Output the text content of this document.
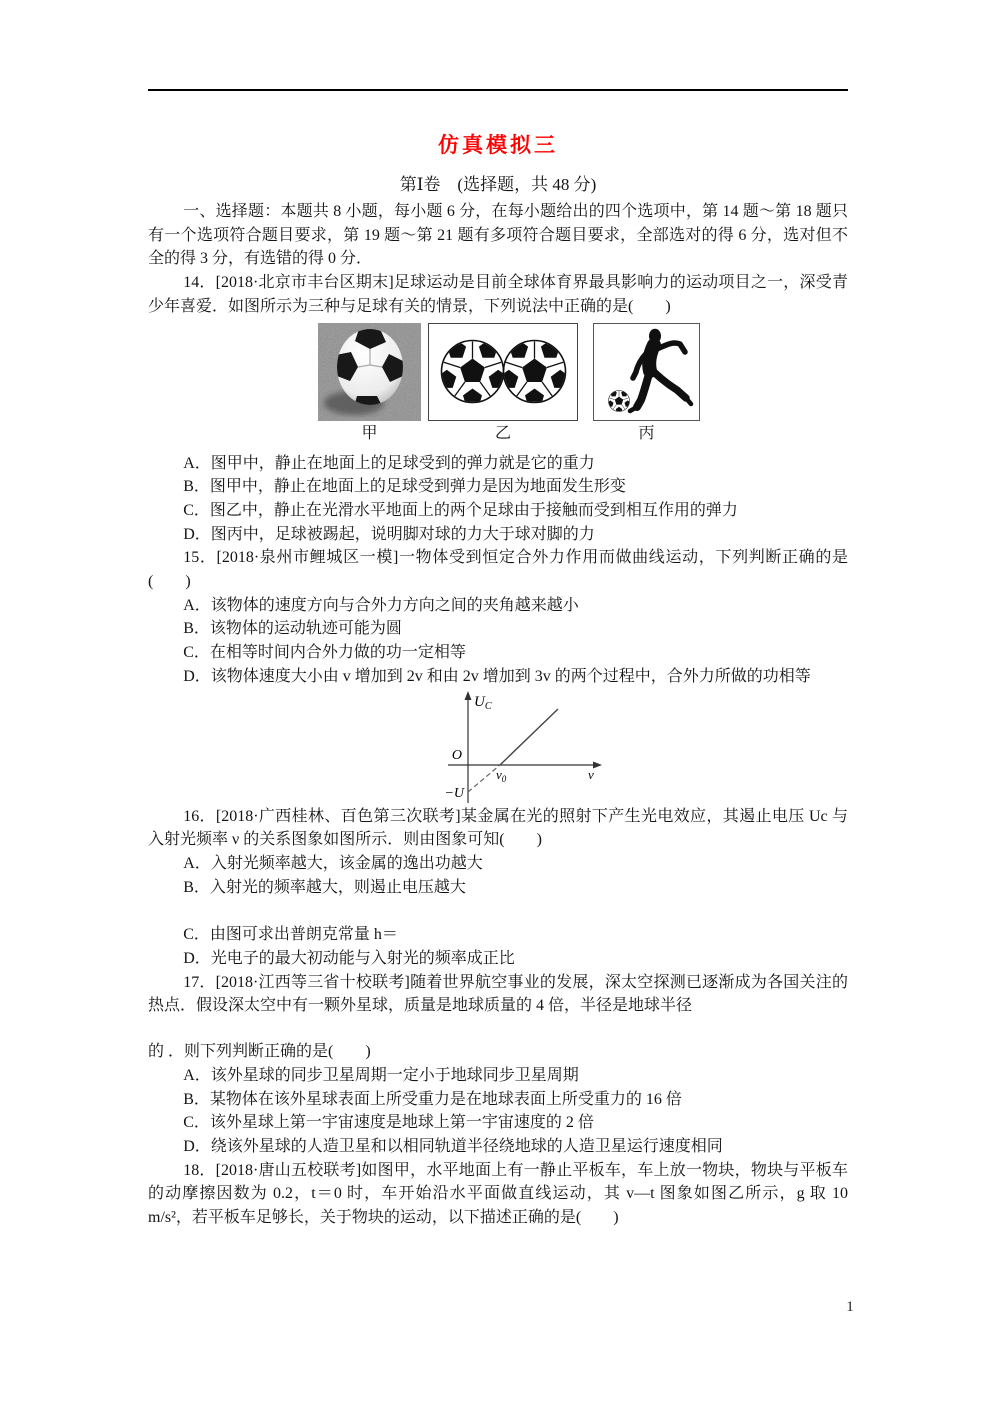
仿真模拟三
第Ⅰ卷　(选择题，共 48 分)

一、选择题：本题共 8 小题，每小题 6 分，在每小题给出的四个选项中，第 14 题～第 18 题只有一个选项符合题目要求，第 19 题～第 21 题有多项符合题目要求，全部选对的得 6 分，选对但不全的得 3 分，有选错的得 0 分．

14．[2018·北京市丰台区期末]足球运动是目前全球体育界最具影响力的运动项目之一，深受青少年喜爱．如图所示为三种与足球有关的情景，下列说法中正确的是(　　)

甲	乙	丙

A．图甲中，静止在地面上的足球受到的弹力就是它的重力

B．图甲中，静止在地面上的足球受到弹力是因为地面发生形变

C．图乙中，静止在光滑水平地面上的两个足球由于接触而受到相互作用的弹力

D．图丙中，足球被踢起，说明脚对球的力大于球对脚的力

15．[2018·泉州市鲤城区一模]一物体受到恒定合外力作用而做曲线运动，下列判断正确的是(　　)

A．该物体的速度方向与合外力方向之间的夹角越来越小

B．该物体的运动轨迹可能为圆

C．在相等时间内合外力做的功一定相等

D．该物体速度大小由 v 增加到 2v 和由 2v 增加到 3v 的两个过程中，合外力所做的功相等

$U_C$
O
$\nu_0$	ν
−U

16．[2018·广西桂林、百色第三次联考]某金属在光的照射下产生光电效应，其遏止电压 Uc 与入射光频率 ν 的关系图象如图所示．则由图象可知(　　)

A．入射光频率越大，该金属的逸出功越大

B．入射光的频率越大，则遏止电压越大

C．由图可求出普朗克常量 h＝

D．光电子的最大初动能与入射光的频率成正比

17．[2018·江西等三省十校联考]随着世界航空事业的发展，深太空探测已逐渐成为各国关注的热点．假设深太空中有一颗外星球，质量是地球质量的 4 倍，半径是地球半径

的 ．则下列判断正确的是(　　)

A．该外星球的同步卫星周期一定小于地球同步卫星周期

B．某物体在该外星球表面上所受重力是在地球表面上所受重力的 16 倍

C．该外星球上第一宇宙速度是地球上第一宇宙速度的 2 倍

D．绕该外星球的人造卫星和以相同轨道半径绕地球的人造卫星运行速度相同

18．[2018·唐山五校联考]如图甲，水平地面上有一静止平板车，车上放一物块，物块与平板车的动摩擦因数为 0.2，t＝0 时，车开始沿水平面做直线运动，其 v—t 图象如图乙所示，g 取 10 m/s²，若平板车足够长，关于物块的运动，以下描述正确的是(　　)

1
